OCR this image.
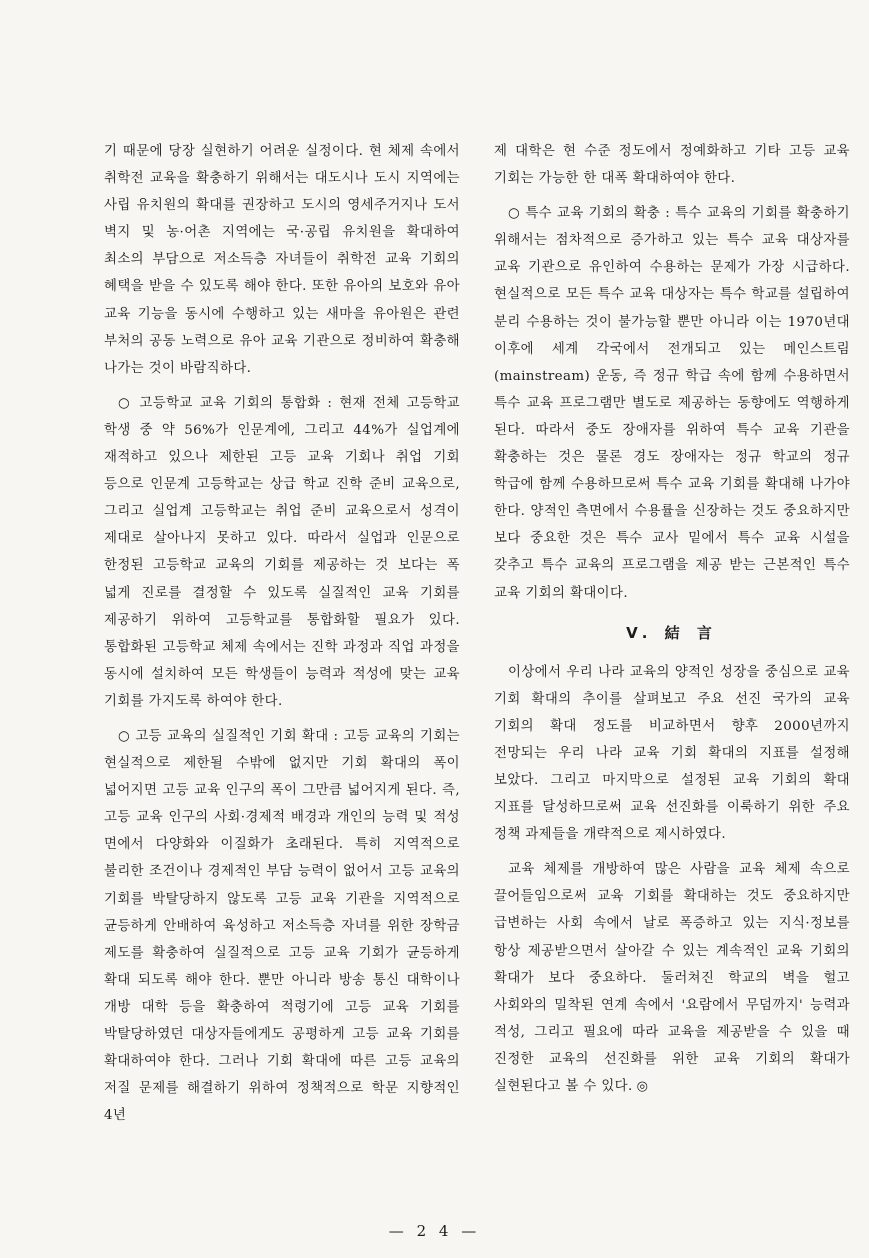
기 때문에 당장 실현하기 어려운 실정이다. 현 체제 속에서 취학전 교육을 확충하기 위해서는 대도시나 도시 지역에는 사립 유치원의 확대를 권장하고 도시의 영세주거지나 도서 벽지 및 농·어촌 지역에는 국·공립 유치원을 확대하여 최소의 부담으로 저소득층 자녀들이 취학전 교육 기회의 혜택을 받을 수 있도록 해야 한다. 또한 유아의 보호와 유아 교육 기능을 동시에 수행하고 있는 새마을 유아원은 관련 부처의 공동 노력으로 유아 교육 기관으로 정비하여 확충해 나가는 것이 바람직하다.

○ 고등학교 교육 기회의 통합화 : 현재 전체 고등학교 학생 중 약 56%가 인문계에, 그리고 44%가 실업계에 재적하고 있으나 제한된 고등 교육 기회나 취업 기회 등으로 인문계 고등학교는 상급 학교 진학 준비 교육으로, 그리고 실업계 고등학교는 취업 준비 교육으로서 성격이 제대로 살아나지 못하고 있다. 따라서 실업과 인문으로 한정된 고등학교 교육의 기회를 제공하는 것 보다는 폭 넓게 진로를 결정할 수 있도록 실질적인 교육 기회를 제공하기 위하여 고등학교를 통합화할 필요가 있다. 통합화된 고등학교 체제 속에서는 진학 과정과 직업 과정을 동시에 설치하여 모든 학생들이 능력과 적성에 맞는 교육 기회를 가지도록 하여야 한다.

○ 고등 교육의 실질적인 기회 확대 : 고등 교육의 기회는 현실적으로 제한될 수밖에 없지만 기회 확대의 폭이 넓어지면 고등 교육 인구의 폭이 그만큼 넓어지게 된다. 즉, 고등 교육 인구의 사회·경제적 배경과 개인의 능력 및 적성 면에서 다양화와 이질화가 초래된다. 특히 지역적으로 불리한 조건이나 경제적인 부담 능력이 없어서 고등 교육의 기회를 박탈당하지 않도록 고등 교육 기관을 지역적으로 균등하게 안배하여 육성하고 저소득층 자녀를 위한 장학금 제도를 확충하여 실질적으로 고등 교육 기회가 균등하게 확대 되도록 해야 한다. 뿐만 아니라 방송 통신 대학이나 개방 대학 등을 확충하여 적령기에 고등 교육 기회를 박탈당하였던 대상자들에게도 공평하게 고등 교육 기회를 확대하여야 한다. 그러나 기회 확대에 따른 고등 교육의 저질 문제를 해결하기 위하여 정책적으로 학문 지향적인 4년

제 대학은 현 수준 정도에서 정예화하고 기타 고등 교육 기회는 가능한 한 대폭 확대하여야 한다.

○ 특수 교육 기회의 확충 : 특수 교육의 기회를 확충하기 위해서는 점차적으로 증가하고 있는 특수 교육 대상자를 교육 기관으로 유인하여 수용하는 문제가 가장 시급하다. 현실적으로 모든 특수 교육 대상자는 특수 학교를 설립하여 분리 수용하는 것이 불가능할 뿐만 아니라 이는 1970년대 이후에 세계 각국에서 전개되고 있는 메인스트림(mainstream) 운동, 즉 정규 학급 속에 함께 수용하면서 특수 교육 프로그램만 별도로 제공하는 동향에도 역행하게 된다. 따라서 중도 장애자를 위하여 특수 교육 기관을 확충하는 것은 물론 경도 장애자는 정규 학교의 정규 학급에 함께 수용하므로써 특수 교육 기회를 확대해 나가야 한다. 양적인 측면에서 수용률을 신장하는 것도 중요하지만 보다 중요한 것은 특수 교사 밑에서 특수 교육 시설을 갖추고 특수 교육의 프로그램을 제공 받는 근본적인 특수 교육 기회의 확대이다.

V. 結 言

이상에서 우리 나라 교육의 양적인 성장을 중심으로 교육 기회 확대의 추이를 살펴보고 주요 선진 국가의 교육 기회의 확대 정도를 비교하면서 향후 2000년까지 전망되는 우리 나라 교육 기회 확대의 지표를 설정해 보았다. 그리고 마지막으로 설정된 교육 기회의 확대 지표를 달성하므로써 교육 선진화를 이룩하기 위한 주요 정책 과제들을 개략적으로 제시하였다.

교육 체제를 개방하여 많은 사람을 교육 체제 속으로 끌어들임으로써 교육 기회를 확대하는 것도 중요하지만 급변하는 사회 속에서 날로 폭증하고 있는 지식·정보를 항상 제공받으면서 살아갈 수 있는 계속적인 교육 기회의 확대가 보다 중요하다. 둘러쳐진 학교의 벽을 헐고 사회와의 밀착된 연계 속에서 '요람에서 무덤까지' 능력과 적성, 그리고 필요에 따라 교육을 제공받을 수 있을 때 진정한 교육의 선진화를 위한 교육 기회의 확대가 실현된다고 볼 수 있다. ◎

— 2 4 —
